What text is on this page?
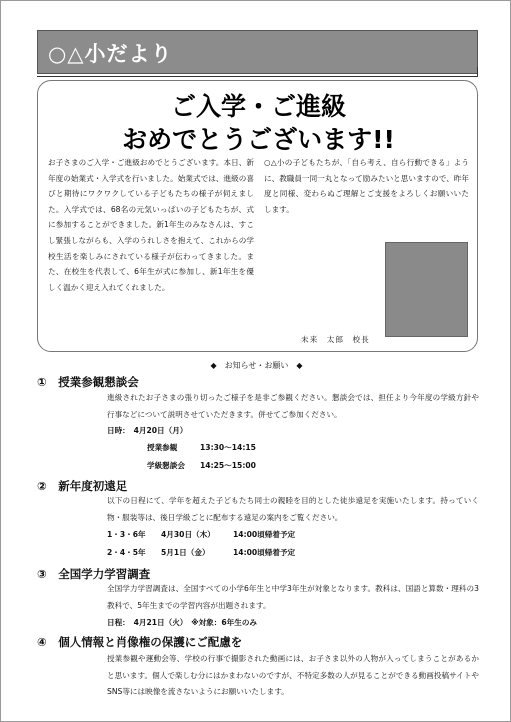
○△小だより
ご入学・ご進級
おめでとうございます!!
お子さまのご入学・ご進級おめでとうございます。本日、新年度の始業式・入学式を行いました。始業式では、進級の喜びと期待にワクワクしている子どもたちの様子が伺えました。入学式では、68名の元気いっぱいの子どもたちが、式に参加することができました。新1年生のみなさんは、すこし緊張しながらも、入学のうれしさを抱えて、これからの学校生活を楽しみにされている様子が伝わってきました。また、在校生を代表して、6年生が式に参加し、新1年生を優しく温かく迎え入れてくれました。
○△小の子どもたちが、「自ら考え、自ら行動できる」ように、教職員一同一丸となって励みたいと思いますので、昨年度と同様、変わらぬご理解とご支援をよろしくお願いいたします。
未来　太郎　校長
◆　お知らせ・お願い　◆
①　授業参観懇談会
進級されたお子さまの張り切ったご様子を是非ご参観ください。懇談会では、担任より今年度の学級方針や行事などについて説明させていただきます。併せてご参加ください。
日時：　4月20日（月）
授業参観	13:30～14:15
学級懇談会 14:25～15:00
②　新年度初遠足
以下の日程にて、学年を超えた子どもたち同士の親睦を目的とした徒歩遠足を実施いたします。持っていく物・服装等は、後日学級ごとに配布する遠足の案内をご覧ください。
1・3・6年 4月30日（木） 14:00頃帰着予定
2・4・5年 5月1日（金）	14:00頃帰着予定
③　全国学力学習調査
全国学力学習調査は、全国すべての小学6年生と中学3年生が対象となります。教科は、国語と算数・理科の3教科で、5年生までの学習内容が出題されます。
日程：　4月21日（火）　※対象：6年生のみ
④　個人情報と肖像権の保護にご配慮を
授業参観や運動会等、学校の行事で撮影された動画には、お子さま以外の人物が入ってしまうことがあるかと思います。個人で楽しむ分にはかまわないのですが、不特定多数の人が見ることができる動画投稿サイトやSNS等には映像を流さないようにお願いいたします。
